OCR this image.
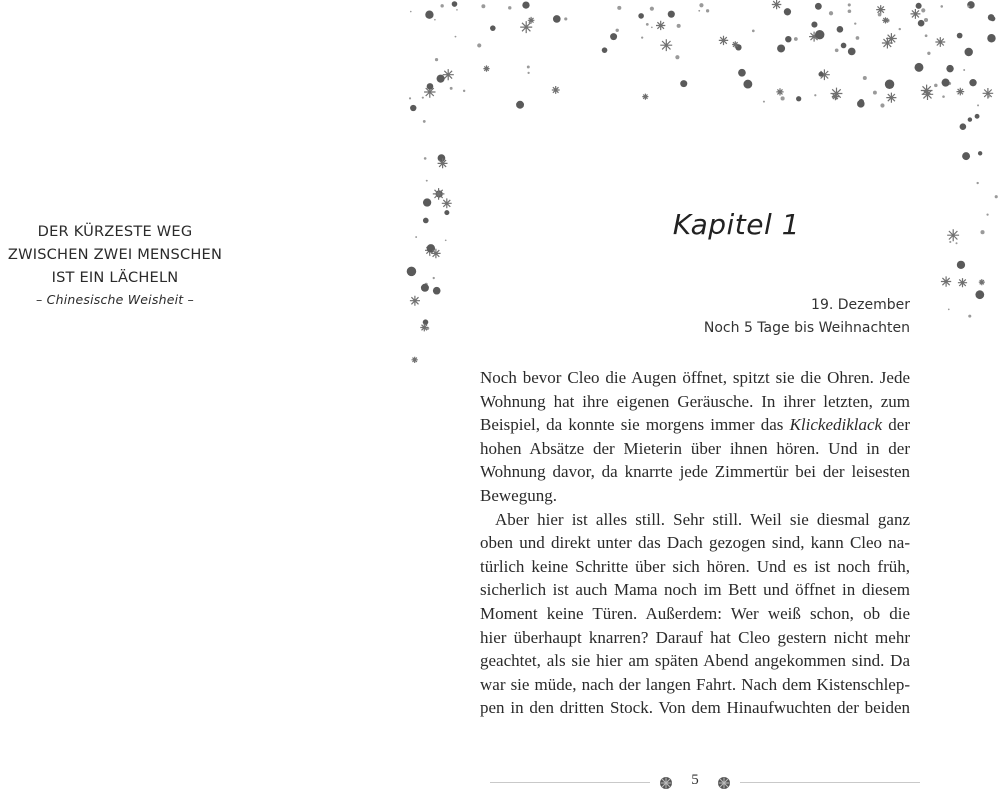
DER KÜRZESTE WEG
ZWISCHEN ZWEI MENSCHEN
IST EIN LÄCHELN
– Chinesische Weisheit –
Kapitel 1
19. Dezember
Noch 5 Tage bis Weihnachten
Noch bevor Cleo die Augen öffnet, spitzt sie die Ohren. Jede
Wohnung hat ihre eigenen Geräusche. In ihrer letzten, zum
Beispiel, da konnte sie morgens immer das Klickediklack der
hohen Absätze der Mieterin über ihnen hören. Und in der
Wohnung davor, da knarrte jede Zimmertür bei der leisesten
Bewegung.
Aber hier ist alles still. Sehr still. Weil sie diesmal ganz
oben und direkt unter das Dach gezogen sind, kann Cleo na-
türlich keine Schritte über sich hören. Und es ist noch früh,
sicherlich ist auch Mama noch im Bett und öffnet in diesem
Moment keine Türen. Außerdem: Wer weiß schon, ob die
hier überhaupt knarren? Darauf hat Cleo gestern nicht mehr
geachtet, als sie hier am späten Abend angekommen sind. Da
war sie müde, nach der langen Fahrt. Nach dem Kistenschlep-
pen in den dritten Stock. Von dem Hinaufwuchten der beiden
5
